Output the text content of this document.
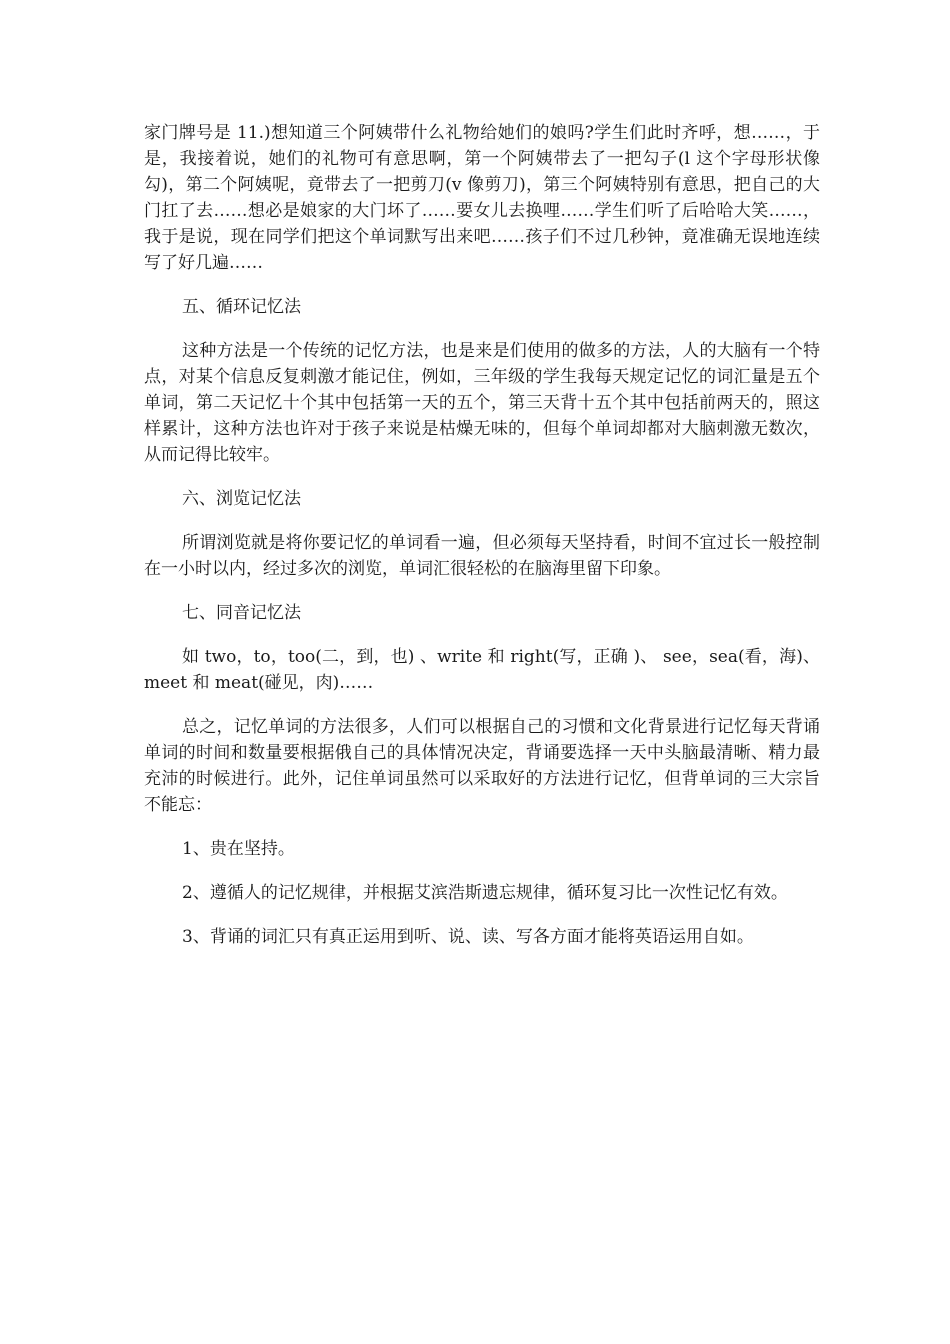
家门牌号是 11.)想知道三个阿姨带什么礼物给她们的娘吗?学生们此时齐呼，想……，于是，我接着说，她们的礼物可有意思啊，第一个阿姨带去了一把勾子(l 这个字母形状像勾)，第二个阿姨呢，竟带去了一把剪刀(v 像剪刀)，第三个阿姨特别有意思，把自己的大门扛了去……想必是娘家的大门坏了……要女儿去换哩……学生们听了后哈哈大笑……，我于是说，现在同学们把这个单词默写出来吧……孩子们不过几秒钟，竟准确无误地连续写了好几遍……

五、循环记忆法

这种方法是一个传统的记忆方法，也是来是们使用的做多的方法，人的大脑有一个特点，对某个信息反复刺激才能记住，例如，三年级的学生我每天规定记忆的词汇量是五个单词，第二天记忆十个其中包括第一天的五个，第三天背十五个其中包括前两天的，照这样累计，这种方法也许对于孩子来说是枯燥无味的，但每个单词却都对大脑刺激无数次，从而记得比较牢。

六、浏览记忆法

所谓浏览就是将你要记忆的单词看一遍，但必须每天坚持看，时间不宜过长一般控制在一小时以内，经过多次的浏览，单词汇很轻松的在脑海里留下印象。

七、同音记忆法

如 two，to，too(二，到，也) 、write 和 right(写，正确 )、 see，sea(看，海)、meet 和 meat(碰见，肉)……

总之，记忆单词的方法很多，人们可以根据自己的习惯和文化背景进行记忆每天背诵单词的时间和数量要根据俄自己的具体情况决定，背诵要选择一天中头脑最清晰、精力最充沛的时候进行。此外，记住单词虽然可以采取好的方法进行记忆，但背单词的三大宗旨不能忘：

1、贵在坚持。

2、遵循人的记忆规律，并根据艾滨浩斯遗忘规律，循环复习比一次性记忆有效。

3、背诵的词汇只有真正运用到听、说、读、写各方面才能将英语运用自如。
